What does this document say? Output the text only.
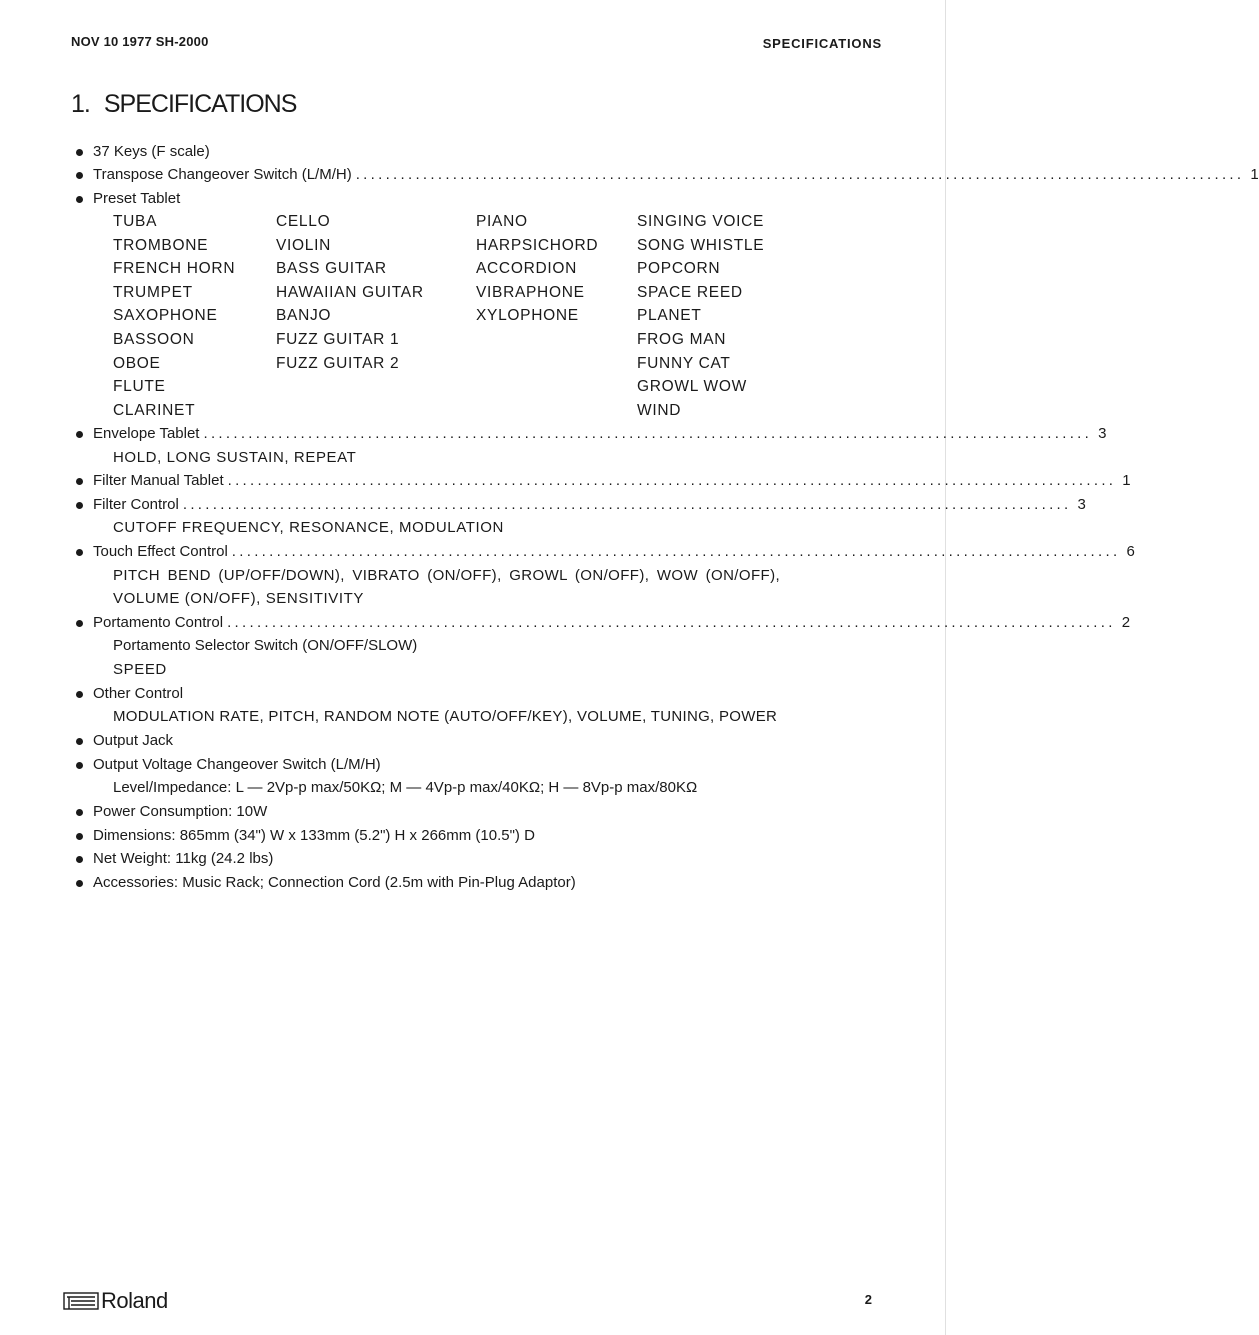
NOV 10 1977 SH-2000	SPECIFICATIONS
1. SPECIFICATIONS
37 Keys (F scale)
Transpose Changeover Switch (L/M/H) ....................................................................................................................... 1
Preset Tablet
TUBA
TROMBONE
FRENCH HORN
TRUMPET
SAXOPHONE
BASSOON
OBOE
FLUTE
CLARINET
CELLO
VIOLIN
BASS GUITAR
HAWAIIAN GUITAR
BANJO
FUZZ GUITAR 1
FUZZ GUITAR 2
PIANO
HARPSICHORD
ACCORDION
VIBRAPHONE
XYLOPHONE
SINGING VOICE
SONG WHISTLE
POPCORN
SPACE REED
PLANET
FROG MAN
FUNNY CAT
GROWL WOW
WIND
Envelope Tablet ....................................................................................................................... 3
HOLD, LONG SUSTAIN, REPEAT
Filter Manual Tablet ....................................................................................................................... 1
Filter Control ....................................................................................................................... 3
CUTOFF FREQUENCY, RESONANCE, MODULATION
Touch Effect Control ....................................................................................................................... 6
PITCH BEND (UP/OFF/DOWN), VIBRATO (ON/OFF), GROWL (ON/OFF), WOW (ON/OFF),
VOLUME (ON/OFF), SENSITIVITY
Portamento Control ....................................................................................................................... 2
Portamento Selector Switch (ON/OFF/SLOW)
SPEED
Other Control
MODULATION RATE, PITCH, RANDOM NOTE (AUTO/OFF/KEY), VOLUME, TUNING, POWER
Output Jack
Output Voltage Changeover Switch (L/M/H)
Level/Impedance: L — 2Vp-p max/50KΩ; M — 4Vp-p max/40KΩ; H — 8Vp-p max/80KΩ
Power Consumption: 10W
Dimensions: 865mm (34") W x 133mm (5.2") H x 266mm (10.5") D
Net Weight: 11kg (24.2 lbs)
Accessories: Music Rack; Connection Cord (2.5m with Pin-Plug Adaptor)
Roland	2
